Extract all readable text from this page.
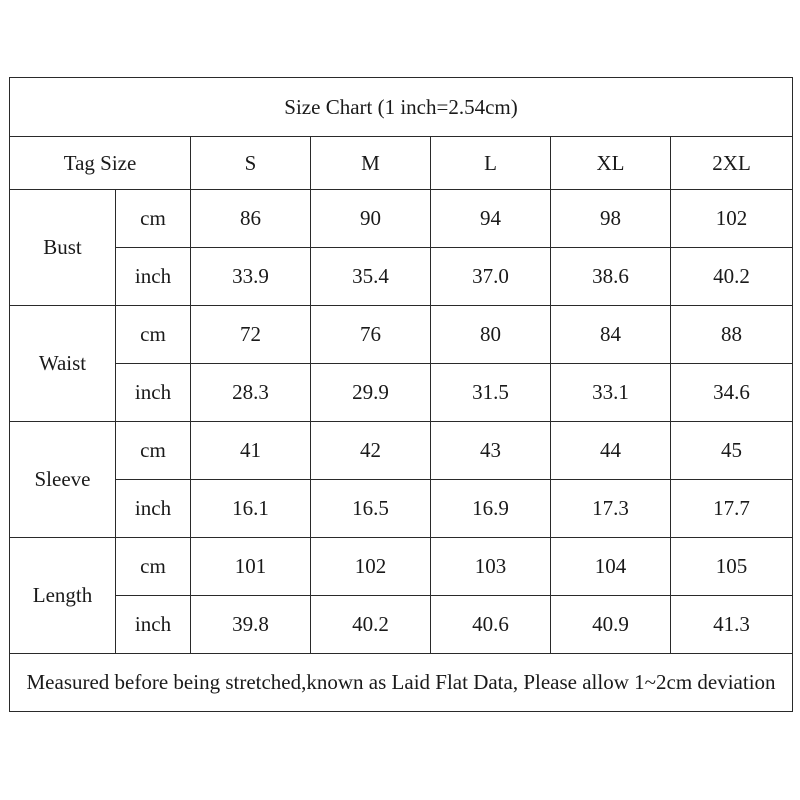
Size Chart (1 inch=2.54cm)						
Tag Size		S	M	L	XL	2XL
Bust	cm	86	90	94	98	102
	inch	33.9	35.4	37.0	38.6	40.2
Waist	cm	72	76	80	84	88
	inch	28.3	29.9	31.5	33.1	34.6
Sleeve	cm	41	42	43	44	45
	inch	16.1	16.5	16.9	17.3	17.7
Length	cm	101	102	103	104	105
	inch	39.8	40.2	40.6	40.9	41.3
Measured before being stretched,known as Laid Flat Data, Please allow 1~2cm deviation						
